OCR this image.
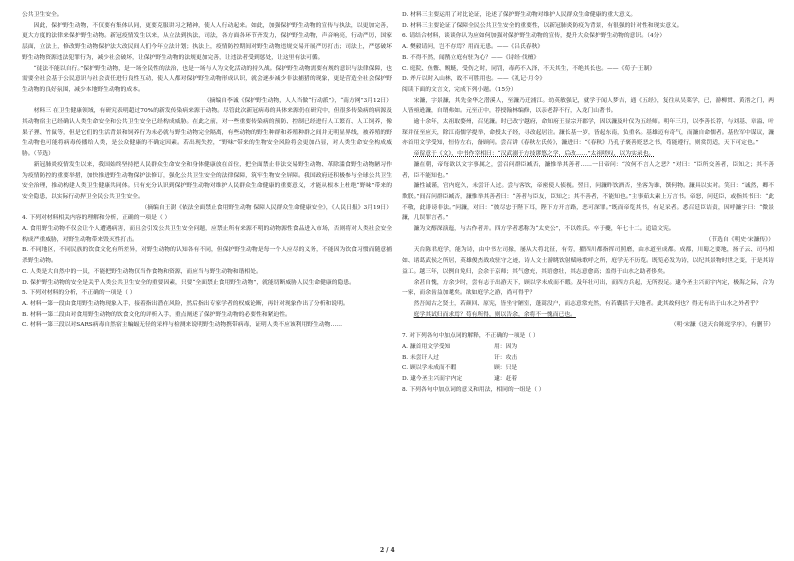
公共卫生安全。

因此，保护野生动物，不仅要有集体认同，更要克服讲习之精神，使人人行动起来。如此，加强保护野生动物的宣传与执法，以更加完善，更大方度的法律来保护野生动物。新冠疫情发生以来，从立法到执法，司法，各方面各环节齐发力，保护野生动物，声音响亮，行动严厉，国家层面，立法上，修改野生动物保护法大改民间人们今年立法计划；执法上，疫情防控期间对野生动物违规交易开展严厉打击；司法上，严惩破坏野生动物资源违法犯罪行为，减少社会破坏，让保护野生动物的法规更加完善，让违法者受到惩处，让这里有法可循。

“徒法不能以自行。”保护野生动物，是一场全民性的法治，也是一场与人为文化活动的持久战。保护野生动物需要有规约意识与法律保障，也需要全社会基于公民意识与社会责任进行良性互动，使人人都对保护野生动物形成认识，就会逐步减少非法捕猎的现象，更是营造全社会保护野生动物的良好氛围，减少本地野生动物的成本。

（摘编自李诚《保护野生动物，人人当做“行动派”》，“南方网”3月12日）

材料三 在卫生健康领域，有研究表明超过70%的新发传染病来源于动物。尽管此次新冠病毒的具体来源仍在研究中，但很多传染病的病源及其动物宿主已经确认人类生命安全和公共卫生安全已经构成威胁。在此之前，对一些重要传染病的预防、控制已经进行人工繁育、人工饲养，像果子狸、竹鼠等，但是它们的生活背景和饲养行为未必就与野生动物完全隔离，有些动物的野生种群和养殖种群之间并无明显界线，被养殖的野生动物也可能将病毒传播给人类，是公众健康的不确定因素。若出现失控，“野味”带来的生物安全风险将会更加凸显，对人类生命安全构成威胁。（节选）

新冠肺炎疫情发生以来，我国始终坚持把人民群众生命安全和身体健康放在首位，把全面禁止非法交易野生动物、革除滥食野生动物陋习作为疫情防控的重要举措，加快推进野生动物保护法修订，强化公共卫生安全的法律保障，筑牢生物安全屏障。我国政府还积极参与全球公共卫生安全治理，推动构建人类卫生健康共同体。只有充分认识到保护野生动物对维护人民群众生命健康的重要意义，才能从根本上杜绝“野味”带来的安全隐患，以实际行动捍卫全民公共卫生安全。

（摘编自王澍《依法全面禁止食用野生动物 保障人民群众生命健康安全》，《人民日报》3月19日）

4. 下列对材料相关内容的理解和分析，正确的一项是（ ）

A. 食用野生动物不仅会让个人遭遇病害，而且会引发公共卫生安全问题，应禁止所有来源不明的动物源性食品进入市场，否则将对人类社会安全构成严重威胁，对野生动物带来毁灭性打击。

B. 不同地区，不同民族的饮食文化有所差异，对野生动物的认知各有不同，但保护野生动物是每一个人应尽的义务，不能因为饮食习惯而随意捕杀野生动物。

C. 人类是大自然中的一员，不能把野生动物仅当作食物和资源，而应当与野生动物和谐相处。

D. 保护野生动物的安全是关乎人类公共卫生安全的重要因素，只要“全面禁止食用野生动物”，就能切断威胁人民生命健康的隐患。

5. 下列对材料的分析，不正确的一项是（ ）

A. 材料一第一段由食用野生动物现象入手，接着指出潜在风险，然后指出专家学者的权威论断，再针对现象作出了分析和说明。

B. 材料一第二段由对食用野生动物的饮食文化的评析入手，重点阐述了保护野生动物的必要性和紧迫性。

C. 材料一第三段以对SARS病毒自然宿主蝙蝠无径的采样与检测来说明野生动物携带病毒，证明人类不应该利用野生动物……

D. 材料三主要运用了对比论证，论述了保护野生动物对维护人民群众生命健康的重大意义。

D. 材料三主要论证了保障全民公共卫生安全的重要性，以新冠肺炎防疫为背景，有很强的针对性和现实意义。

6. 请结合材料，谈谈你认为应如何加强对保护野生动物的宣传，提升大众保护野生动物的意识。（4分）

A. 樊毅请问，岂不存焉？用而无患。——《吕氏春秋》

B. 不得不然，闻鹊立庭有驻为心？——《诗经·伐檀》

C. 庭院、鱼鳖、鲵鲢，受伤之时，同罚，毒药不入泽，不天其生，不绝其长也。——《荀子·王制》

D. 斧斤以时入山林，故不可胜用也。——《礼记·月令》

阅读下面的文言文，完成下列小题。（15分）

宋濂，字景濂，其先金华之潜溪人，至濂乃迁浦江。幼英敏强记，就学于闻人梦吉，通《五经》，复往从吴莱学，已，游柳贯、黄溍之门，两人皆亟逊濂，自谓弗如。元至正中，荐授翰林编修，以亲老辞不行，入龙门山著书。

逾十余年，太祖取婺州，召见濂。时已改宁越府，命知府王显宗开郡学，因以濂及叶仪为五经师。明年三月，以李善长荐，与刘基、章溢、叶琛并征至应天，除江南儒学提举，命授太子经，寻改起居注。濂长基一岁，皆起东南，负重名。基雄迈有奇气，而濂自命儒者。基佐军中谋议，濂亦首用文学受知，恒侍左右，备顾问。尝召讲《春秋左氏传》，濂进曰：“《春秋》乃孔子褒善贬恶之书，苟能遵行，则赏罚适，天下可定也。”

帝留意于《文》，中书作宰相曰：“汉武溺于方技谬悠之学，后改……”太祖嗟叹，以为实录也。

濂在朝，帝每欲以文字事属之，尝召问群臣臧否，濂惟举其善者……一日帝问：“汝何不言人之恶？”对曰：“臣所交善者，臣知之；其不善者，臣不能知也。”

濂性诚谨，官内庭久，未尝讦人过。尝与客饮，帝密使人侦视。翌日，问濂昨饮酒否，坐客为谁，馔何物。濂具以实对。笑曰：“诚然，卿不欺朕。”间召问群臣臧否，濂惟举其善者曰：“善者与臣友，臣知之；其不善者，不能知也。”主事茹太素上万言书。帝怒，问廷臣，或指其书曰：“此不敬，此诽谤非法。”问濂，对曰：“彼尽忠于陛下耳，陛下方开言路，恶可深罪。”既而帝览其书，有足采者。悉召廷臣诘责，因呼濂字曰：“微景濂，几误罪言者。”

濂为文醇深演迤，与古作者并。四方学者悉称为“太史公”，不以姓氏。卒于夔，年七十二。追谥文宪。

（节选自《明史·宋濂传》）

天台陈君庭学，能为诗，由中书左司掾，屡从大将北征，有劳，擢四川都指挥司照磨，由水道至成都。成都，川蜀之要地，扬子云、司马相如、诸葛武侯之所居，英雄俊杰战攻驻守之迹，诗人文士游眺饮射赋咏歌呼之所，庭学无不历览。既览必发为诗，以纪其景物时世之变，于是其诗益工。越三年，以例自免归，会余于京师；其气愈充，其语愈壮，其志意愈高；盖得于山水之助者侈矣。

余甚自愧，方余少时，尝有志于出游天下，顾以学未成而不暇。及年壮可出，而四方兵起，无所投足。逮今圣主兴而宇内定，极海之际，合为一家，而余齿益加耄矣。欲如庭学之游，尚可得乎？

然吾闻古之贤士，若颜回、原宪，皆坐守陋室，蓬蒿没户，而志意常充然，有若囊括于天地者。此其故何也？得无有出于山水之外者乎？

庭学其试归而求焉？苟有所得，则以告余，余将不一愧而已也。

（明·宋濂《送天台陈庭学序》，有删节）

7. 对下列各句中加点词的解释，不正确的一项是（ ）

A. 濂首用文学受知	用：因为
B. 未尝讦人过	讦：攻击
C. 顾以学未成而不暇	顾：只是
D. 逮今圣主兴而宇内定	逮：赶着

8. 下列各句中加点词的意义和用法，相同的一组是（ ）

2 / 4
